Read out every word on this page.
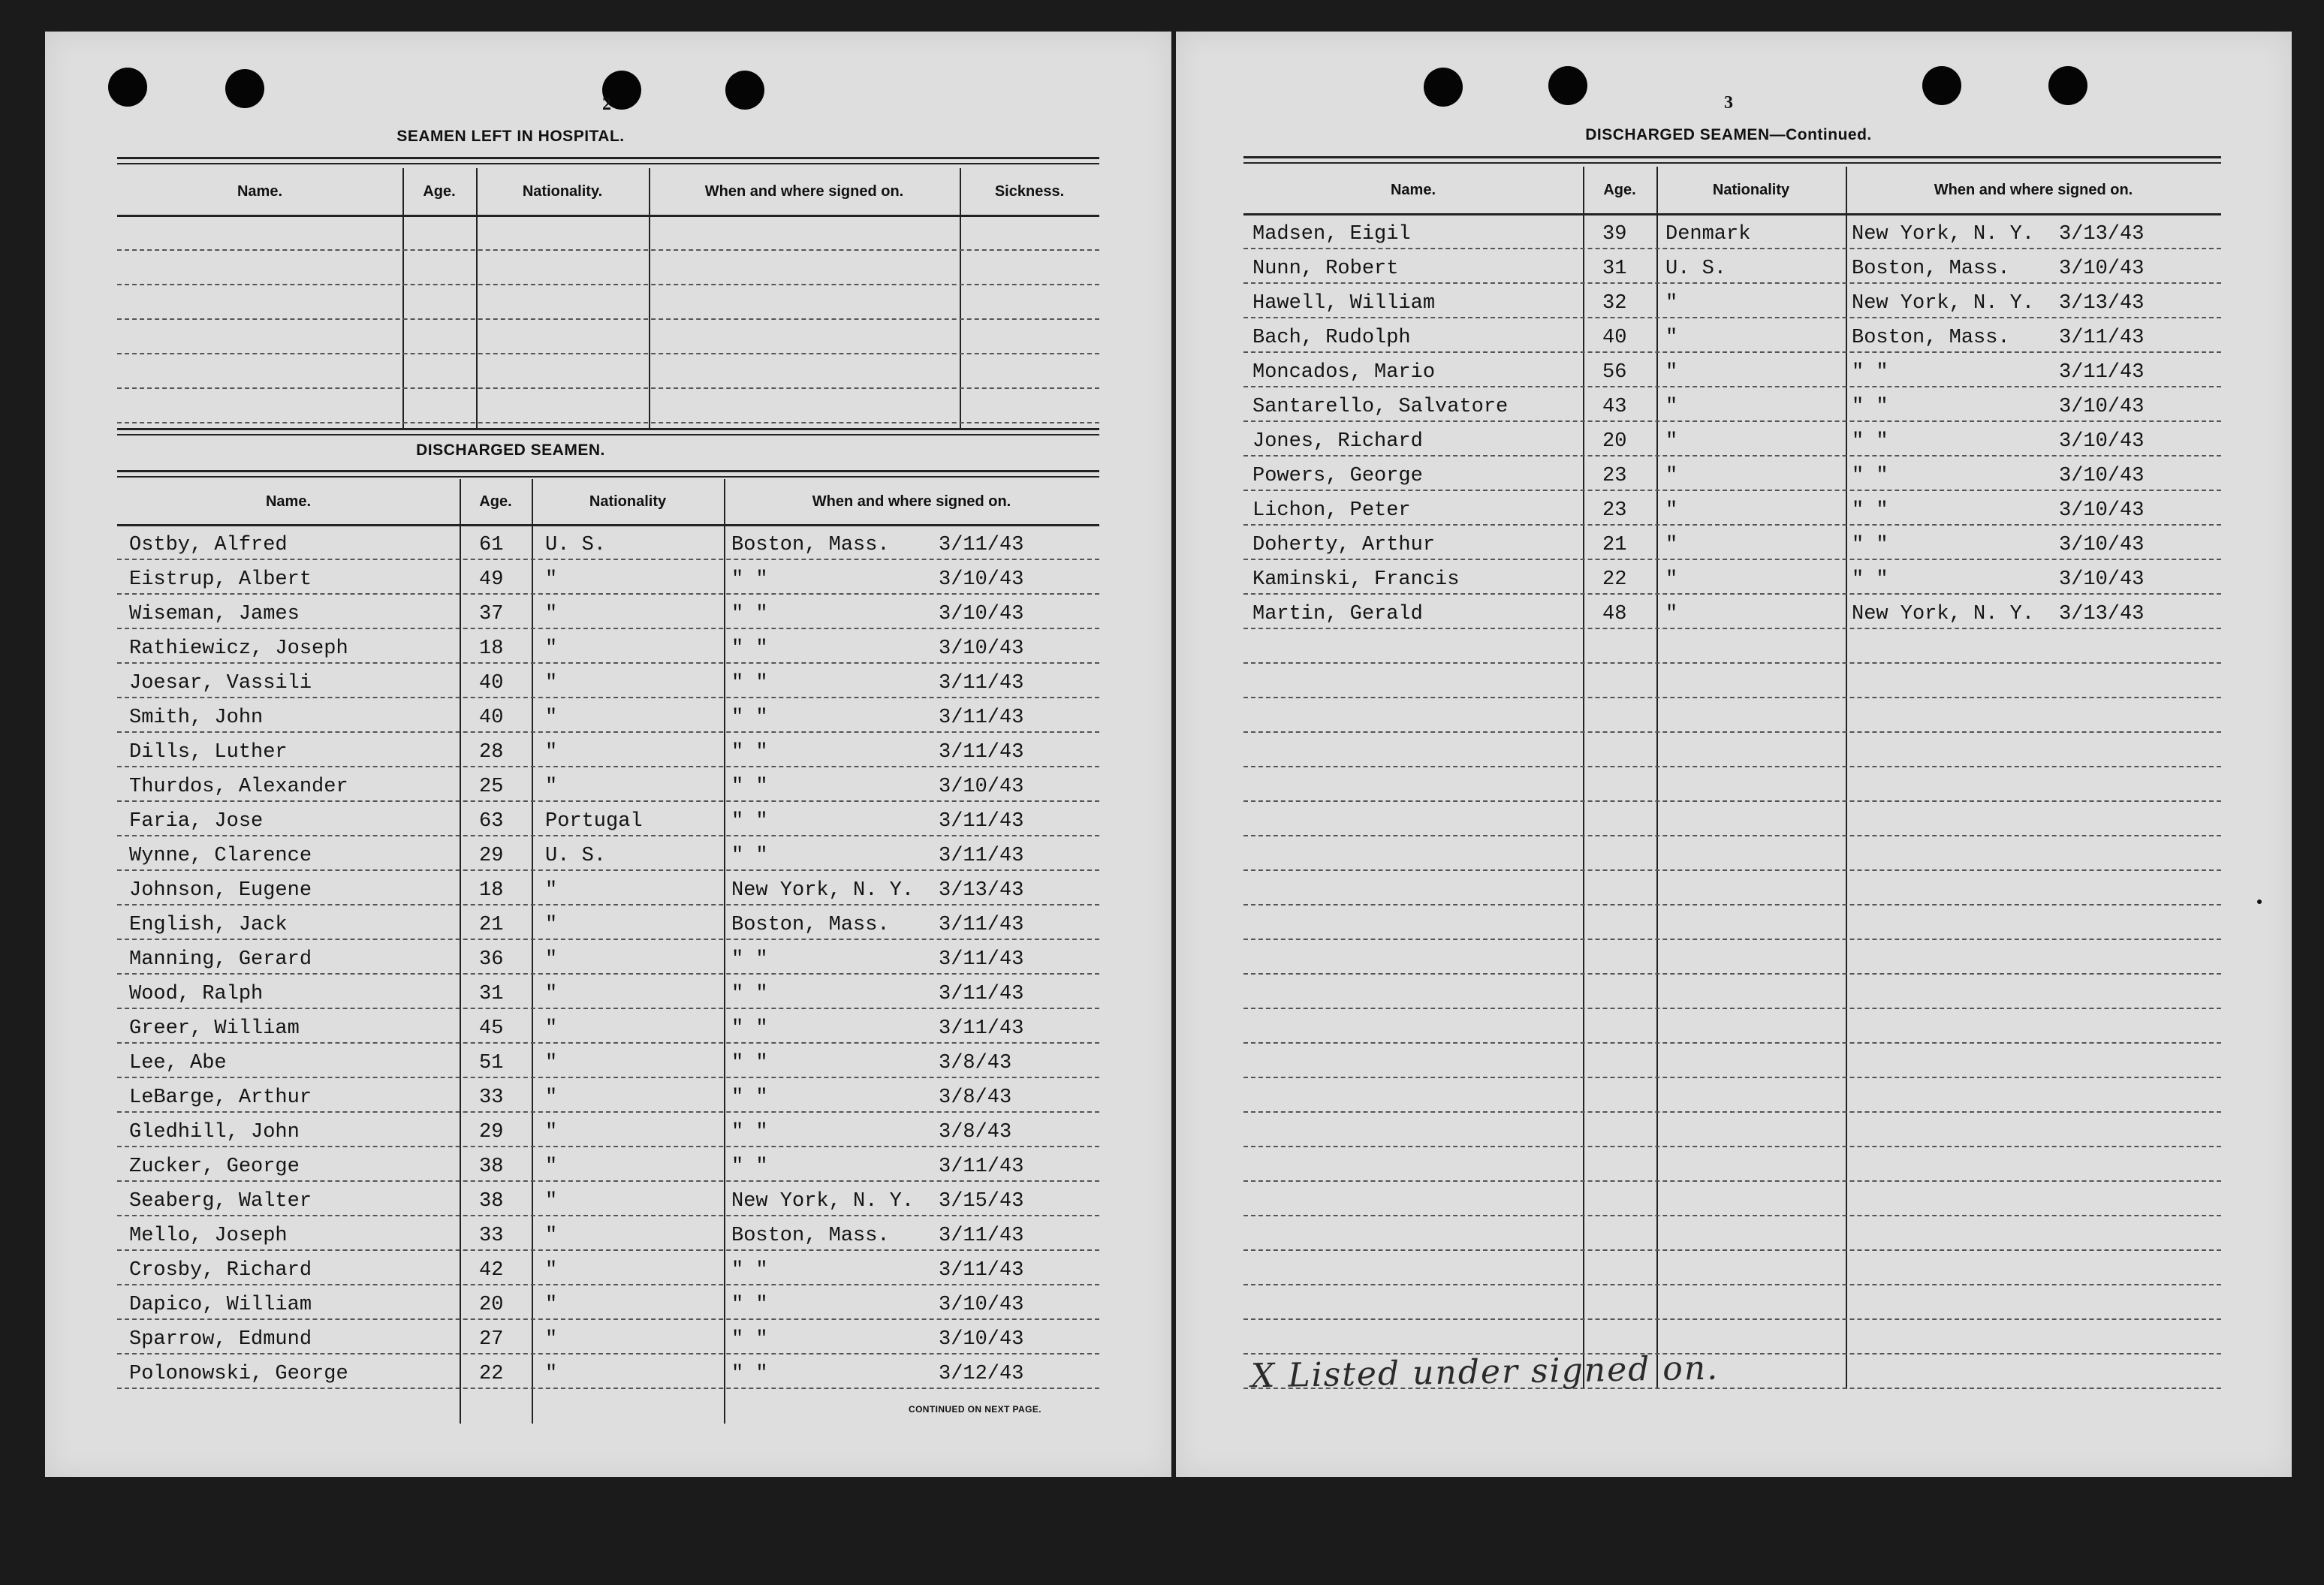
2
SEAMEN LEFT IN HOSPITAL.
Name.	Age.	Nationality.	When and where signed on.	Sickness.
DISCHARGED SEAMEN.
Name.	Age.	Nationality	When and where signed on.
Ostby, Alfred	61 U. S.	Boston, Mass. 3/11/43
Eistrup, Albert	49 "	" "	3/10/43
Wiseman, James	37 "	" "	3/10/43
Rathiewicz, Joseph	18 "	" "	3/10/43
Joesar, Vassili	40 "	" "	3/11/43
Smith, John	40 "	" "	3/11/43
Dills, Luther	28 "	" "	3/11/43
Thurdos, Alexander	25 "	" "	3/10/43
Faria, Jose	63 Portugal	" "	3/11/43
Wynne, Clarence	29 U. S.	" "	3/11/43
Johnson, Eugene	18 "	New York, N. Y. 3/13/43
English, Jack	21 "	Boston, Mass. 3/11/43
Manning, Gerard	36 "	" "	3/11/43
Wood, Ralph	31 "	" "	3/11/43
Greer, William	45 "	" "	3/11/43
Lee, Abe	51 "	" "	3/8/43
LeBarge, Arthur	33 "	" "	3/8/43
Gledhill, John	29 "	" "	3/8/43
Zucker, George	38 "	" "	3/11/43
Seaberg, Walter	38 "	New York, N. Y. 3/15/43
Mello, Joseph	33 "	Boston, Mass. 3/11/43
Crosby, Richard	42 "	" "	3/11/43
Dapico, William	20 "	" "	3/10/43
Sparrow, Edmund	27 "	" "	3/10/43
Polonowski, George	22 "	" "	3/12/43
CONTINUED ON NEXT PAGE.
3
DISCHARGED SEAMEN—Continued.
Name.	Age.	Nationality	When and where signed on.
Madsen, Eigil	39 Denmark	New York, N. Y. 3/13/43
Nunn, Robert	31 U. S.	Boston, Mass. 3/10/43
Hawell, William	32 "	New York, N. Y. 3/13/43
Bach, Rudolph	40 "	Boston, Mass. 3/11/43
Moncados, Mario	56 "	" "	3/11/43
Santarello, Salvatore	43 "	" "	3/10/43
Jones, Richard	20 "	" "	3/10/43
Powers, George	23 "	" "	3/10/43
Lichon, Peter	23 "	" "	3/10/43
Doherty, Arthur	21 "	" "	3/10/43
Kaminski, Francis	22 "	" "	3/10/43
Martin, Gerald	48 "	New York, N. Y. 3/13/43
X Listed under signed on.
